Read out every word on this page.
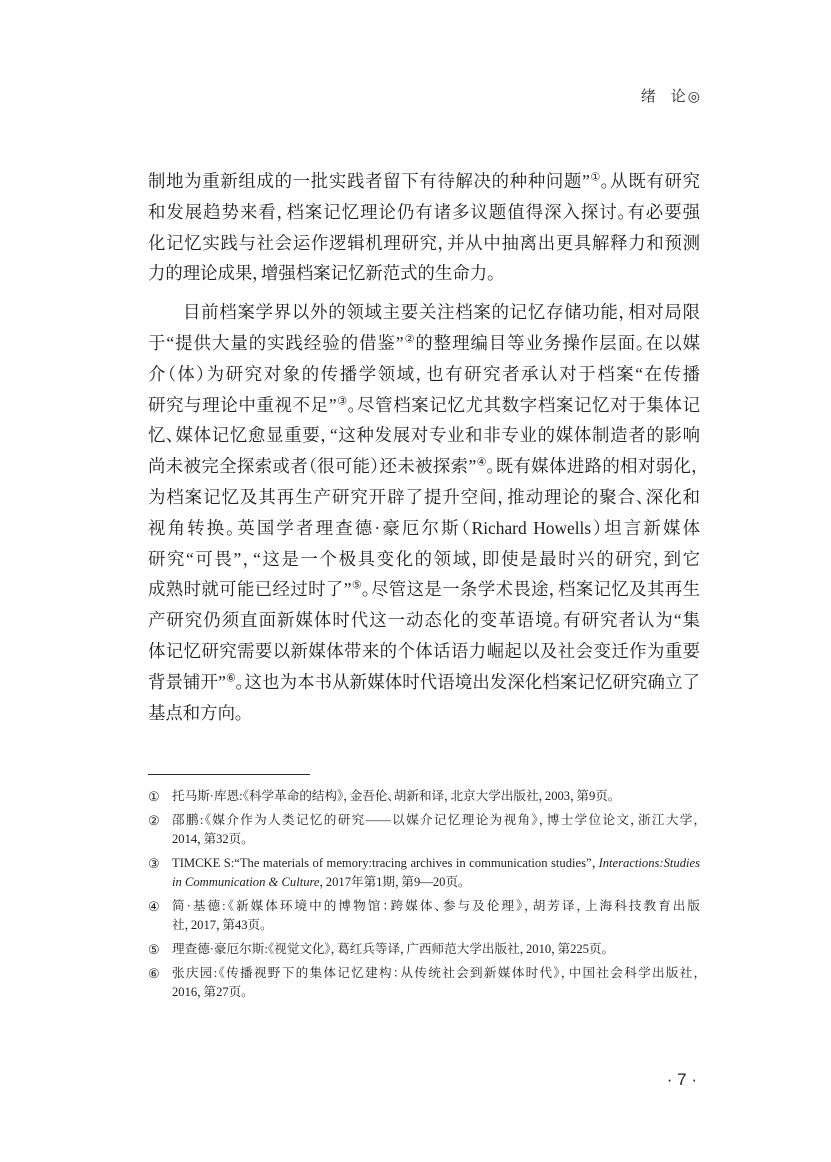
绪　论 ◎
制地为重新组成的一批实践者留下有待解决的种种问题”①。从既有研究
和发展趋势来看，档案记忆理论仍有诸多议题值得深入探讨。有必要强
化记忆实践与社会运作逻辑机理研究，并从中抽离出更具解释力和预测
力的理论成果，增强档案记忆新范式的生命力。
目前档案学界以外的领域主要关注档案的记忆存储功能，相对局限
于“提供大量的实践经验的借鉴”②的整理编目等业务操作层面。在以媒
介（体）为研究对象的传播学领域，也有研究者承认对于档案“在传播
研究与理论中重视不足”③。尽管档案记忆尤其数字档案记忆对于集体记
忆、媒体记忆愈显重要，“这种发展对专业和非专业的媒体制造者的影响
尚未被完全探索或者（很可能）还未被探索”④。既有媒体进路的相对弱化，
为档案记忆及其再生产研究开辟了提升空间，推动理论的聚合、深化和
视角转换。英国学者理查德·豪厄尔斯（Richard Howells）坦言新媒体
研究“可畏”，“这是一个极具变化的领域，即使是最时兴的研究，到它
成熟时就可能已经过时了”⑤。尽管这是一条学术畏途，档案记忆及其再生
产研究仍须直面新媒体时代这一动态化的变革语境。有研究者认为“集
体记忆研究需要以新媒体带来的个体话语力崛起以及社会变迁作为重要
背景铺开”⑥。这也为本书从新媒体时代语境出发深化档案记忆研究确立了
基点和方向。
① 托马斯·库恩:《科学革命的结构》，金吾伦、胡新和译，北京大学出版社，2003，第9页。
② 邵鹏:《媒介作为人类记忆的研究——以媒介记忆理论为视角》，博士学位论文，浙江大学，
2014，第32页。
③ TIMCKE S:“The materials of memory:tracing archives in communication studies”，Interactions:Studies
in Communication & Culture，2017年第1期，第9—20页。
④ 简·基德:《新媒体环境中的博物馆：跨媒体、参与及伦理》，胡芳译，上海科技教育出版
社，2017，第43页。
⑤ 理查德·豪厄尔斯:《视觉文化》，葛红兵等译，广西师范大学出版社，2010，第225页。
⑥ 张庆园:《传播视野下的集体记忆建构：从传统社会到新媒体时代》，中国社会科学出版社，
2016，第27页。
· 7 ·
